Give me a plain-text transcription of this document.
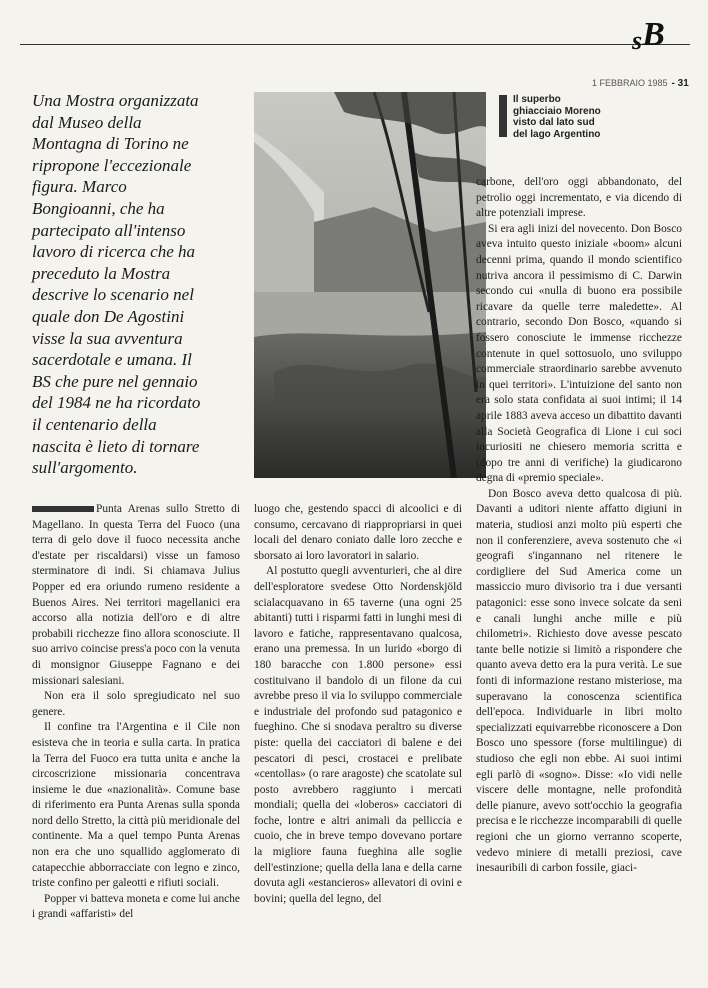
sB
1 FEBBRAIO 1985 - 31
Una Mostra organizzata
dal Museo della
Montagna di Torino ne
ripropone l'eccezionale
figura. Marco
Bongioanni, che ha
partecipato all'intenso
lavoro di ricerca che ha
preceduto la Mostra
descrive lo scenario nel
quale don De Agostini
visse la sua avventura
sacerdotale e umana. Il
BS che pure nel gennaio
del 1984 ne ha ricordato
il centenario della
nascita è lieto di tornare
sull'argomento.
Il superbo
ghiacciaio Moreno
visto dal lato sud
del lago Argentino

Punta Arenas sullo Stretto di Magellano. In questa Terra del Fuoco (una terra di gelo dove il fuoco necessita anche d'estate per riscaldarsi) visse un famoso sterminatore di indi. Si chiamava Julius Popper ed era oriundo rumeno residente a Buenos Aires. Nei territori magellanici era accorso alla notizia dell'oro e di altre probabili ricchezze fino allora sconosciute. Il suo arrivo coincise press'a poco con la venuta di monsignor Giuseppe Fagnano e dei missionari salesiani.

Non era il solo spregiudicato nel suo genere.

Il confine tra l'Argentina e il Cile non esisteva che in teoria e sulla carta. In pratica la Terra del Fuoco era tutta unita e anche la circoscrizione missionaria concentrava insieme le due «nazionalità». Comune base di riferimento era Punta Arenas sulla sponda nord dello Stretto, la città più meridionale del continente. Ma a quel tempo Punta Arenas non era che uno squallido agglomerato di catapecchie abborracciate con legno e zinco, triste confino per galeotti e rifiuti sociali.

Popper vi batteva moneta e come lui anche i grandi «affaristi» del

luogo che, gestendo spacci di alcoolici e di consumo, cercavano di riappropriarsi in quei locali del denaro coniato dalle loro zecche e sborsato ai loro lavoratori in salario.

Al postutto quegli avventurieri, che al dire dell'esploratore svedese Otto Nordenskjöld scialacquavano in 65 taverne (una ogni 25 abitanti) tutti i risparmi fatti in lunghi mesi di lavoro e fatiche, rappresentavano qualcosa, erano una premessa. In un lurido «borgo di 180 baracche con 1.800 persone» essi costituivano il bandolo di un filone da cui avrebbe preso il via lo sviluppo commerciale e industriale del profondo sud patagonico e fueghino. Che si snodava peraltro su diverse piste: quella dei cacciatori di balene e dei pescatori di pesci, crostacei e prelibate «centollas» (o rare aragoste) che scatolate sul posto avrebbero raggiunto i mercati mondiali; quella dei «loberos» cacciatori di foche, lontre e altri animali da pelliccia e cuoio, che in breve tempo dovevano portare la migliore fauna fueghina alle soglie dell'estinzione; quella della lana e della carne dovuta agli «estancieros» allevatori di ovini e bovini; quella del legno, del

carbone, dell'oro oggi abbandonato, del petrolio oggi incrementato, e via dicendo di altre potenziali imprese.

Si era agli inizi del novecento. Don Bosco aveva intuito questo iniziale «boom» alcuni decenni prima, quando il mondo scientifico nutriva ancora il pessimismo di C. Darwin secondo cui «nulla di buono era possibile ricavare da quelle terre maledette». Al contrario, secondo Don Bosco, «quando si fossero conosciute le immense ricchezze contenute in quel sottosuolo, uno sviluppo commerciale straordinario sarebbe avvenuto in quei territori». L'intuizione del santo non era solo stata confidata ai suoi intimi; il 14 aprile 1883 aveva acceso un dibattito davanti alla Società Geografica di Lione i cui soci incuriositi ne chiesero memoria scritta e (dopo tre anni di verifiche) la giudicarono degna di «premio speciale».

Don Bosco aveva detto qualcosa di più. Davanti a uditori niente affatto digiuni in materia, studiosi anzi molto più esperti che non il conferenziere, aveva sostenuto che «i geografi s'ingannano nel ritenere le cordigliere del Sud America come un massiccio muro divisorio tra i due versanti patagonici: esse sono invece solcate da seni e canali lunghi anche mille e più chilometri». Richiesto dove avesse pescato tante belle notizie si limitò a rispondere che quanto aveva detto era la pura verità. Le sue fonti di informazione restano misteriose, ma superavano la conoscenza scientifica dell'epoca. Individuarle in libri molto specializzati equivarrebbe riconoscere a Don Bosco uno spessore (forse multilingue) di studioso che egli non ebbe. Ai suoi intimi egli parlò di «sogno». Disse: «Io vidi nelle viscere delle montagne, nelle profondità delle pianure, avevo sott'occhio la geografia precisa e le ricchezze incomparabili di quelle regioni che un giorno verranno scoperte, vedevo miniere di metalli preziosi, cave inesauribili di carbon fossile, giaci-
